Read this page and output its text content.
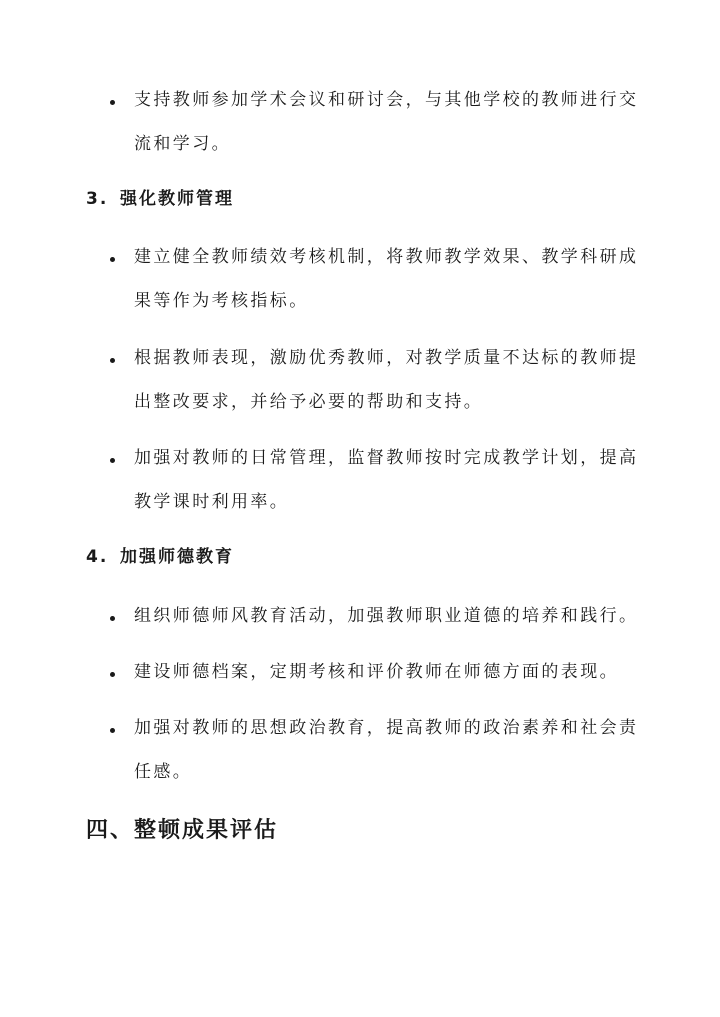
支持教师参加学术会议和研讨会，与其他学校的教师进行交
流和学习。
3. 强化教师管理
建立健全教师绩效考核机制，将教师教学效果、教学科研成
果等作为考核指标。
根据教师表现，激励优秀教师，对教学质量不达标的教师提
出整改要求，并给予必要的帮助和支持。
加强对教师的日常管理，监督教师按时完成教学计划，提高
教学课时利用率。
4. 加强师德教育
组织师德师风教育活动，加强教师职业道德的培养和践行。
建设师德档案，定期考核和评价教师在师德方面的表现。
加强对教师的思想政治教育，提高教师的政治素养和社会责
任感。
四、整顿成果评估
